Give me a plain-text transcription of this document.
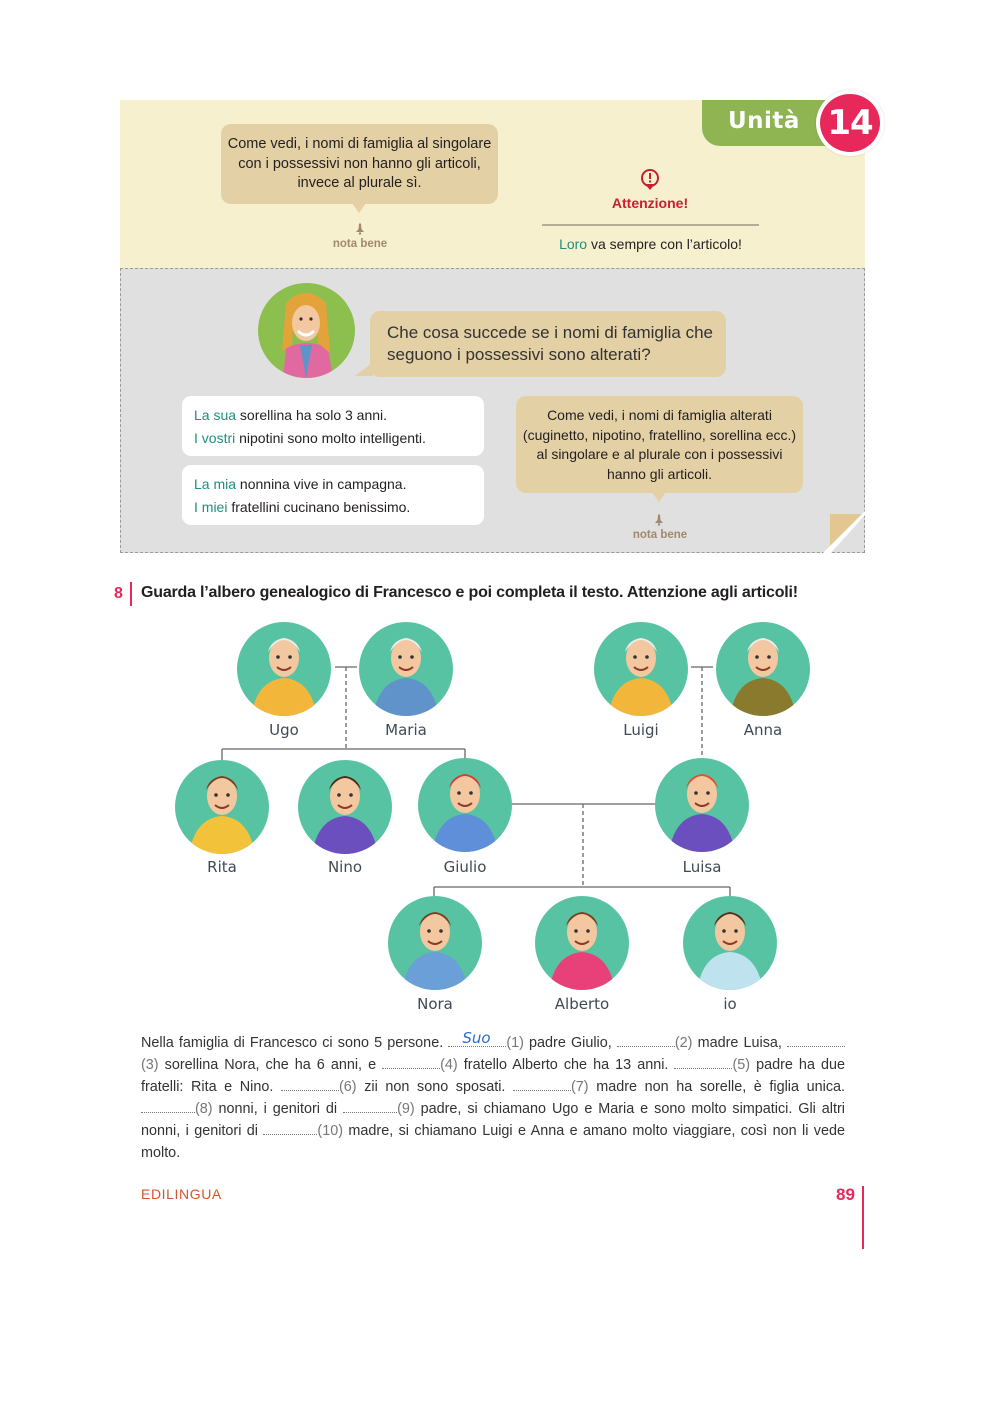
Unità 14
Come vedi, i nomi di famiglia al singolare con i possessivi non hanno gli articoli, invece al plurale sì.
nota bene
Attenzione!
Loro va sempre con l’articolo!
Che cosa succede se i nomi di famiglia che seguono i possessivi sono alterati?
La sua sorellina ha solo 3 anni.
I vostri nipotini sono molto intelligenti.
La mia nonnina vive in campagna.
I miei fratellini cucinano benissimo.
Come vedi, i nomi di famiglia alterati (cuginetto, nipotino, fratellino, sorellina ecc.) al singolare e al plurale con i possessivi hanno gli articoli.
nota bene
8 Guarda l’albero genealogico di Francesco e poi completa il testo. Attenzione agli articoli!
Ugo	Maria	Luigi	Anna
Rita	Nino	Giulio	Luisa
Nora	Alberto	io
Nella famiglia di Francesco ci sono 5 persone. Suo (1) padre Giulio,	(2) madre Luisa, (3) sorellina Nora, che ha 6 anni, e	(4) fratello Alberto che ha 13 anni.	(5) padre ha due fratelli: Rita e Nino.	(6) zii non sono sposati.	(7) madre non ha sorelle, è figlia unica. (8) nonni, i genitori di	(9) padre, si chiamano Ugo e Maria e sono molto simpatici. Gli altri nonni, i genitori di	(10) madre, si chiamano Luigi e Anna e amano molto viaggiare, così non li vede molto.
EDILINGUA	89
